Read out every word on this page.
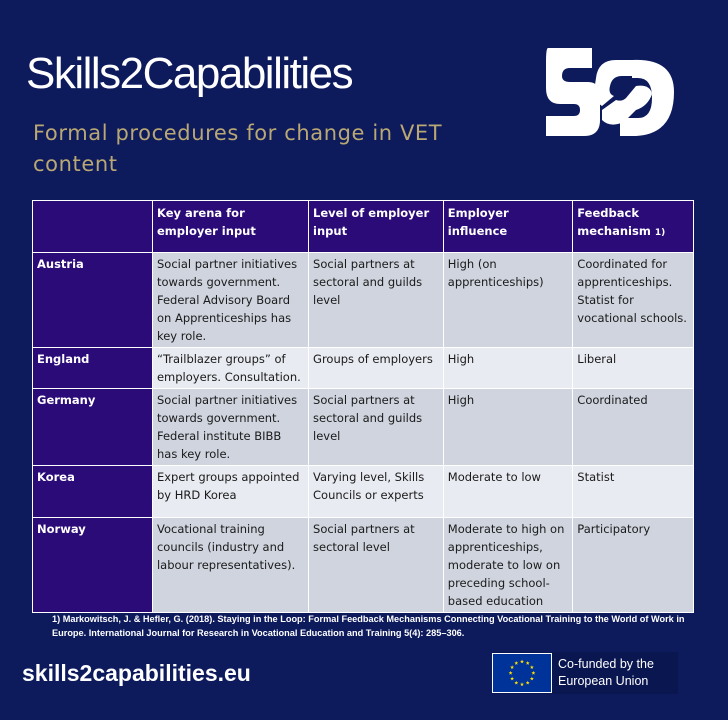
Skills2Capabilities
Formal procedures for change in VET content
	Key arena for employer input	Level of employer input	Employer influence	Feedback mechanism 1)
Austria	Social partner initiatives towards government. Federal Advisory Board on Apprenticeships has key role.	Social partners at sectoral and guilds level	High (on apprenticeships)	Coordinated for apprenticeships. Statist for vocational schools.
England	“Trailblazer groups” of employers. Consultation.	Groups of employers	High	Liberal
Germany	Social partner initiatives towards government. Federal institute BIBB has key role.	Social partners at sectoral and guilds level	High	Coordinated
Korea	Expert groups appointed by HRD Korea	Varying level, Skills Councils or experts	Moderate to low	Statist
Norway	Vocational training councils (industry and labour representatives).	Social partners at sectoral level	Moderate to high on apprenticeships, moderate to low on preceding school-based education	Participatory
1) Markowitsch, J. & Hefler, G. (2018). Staying in the Loop: Formal Feedback Mechanisms Connecting Vocational Training to the World of Work in Europe. International Journal for Research in Vocational Education and Training 5(4): 285–306.
skills2capabilities.eu	Co-funded by the European Union
